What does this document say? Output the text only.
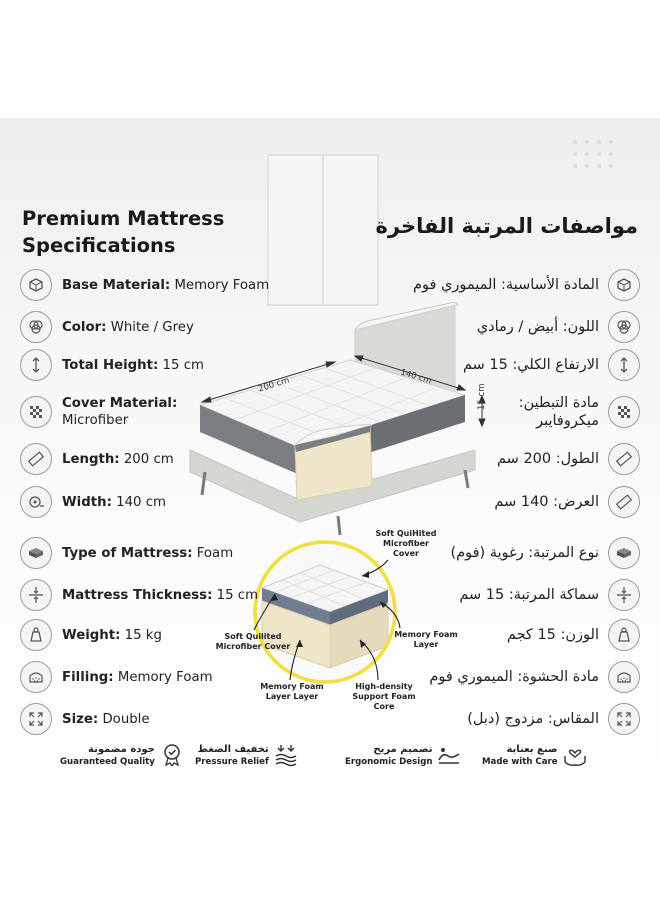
200 cm	140 cm
15 cm
Soft QuiHited
Microfiber
Cover
Soft Quilited
Microfiber Cover
Memory Foam
Layer
Memory Foam
Layer Layer
High-density
Support Foam
Core
Premium Mattress
Specifications
مواصفات المرتبة الفاخرة
Base Material: Memory Foam
Color: White / Grey
Total Height: 15 cm
Cover Material:
Microfiber
Length: 200 cm
Width: 140 cm
Type of Mattress: Foam
Mattress Thickness: 15 cm
Weight: 15 kg
Filling: Memory Foam
Size: Double
المادة الأساسية: الميموري فوم
اللون: أبيض / رمادي
الارتفاع الكلي: 15 سم
مادة التبطين:
ميكروفايبر
الطول: 200 سم
العرض: 140 سم
نوع المرتبة: رغوية (فوم)
سماكة المرتبة: 15 سم
الوزن: 15 كجم
مادة الحشوة: الميموري فوم
المقاس: مزدوج (دبل)
جودة مضمونة
Guaranteed Quality
تخفيف الضغط
Pressure Relief
تصميم مريح
Ergonomic Design
صنع بعناية
Made with Care
